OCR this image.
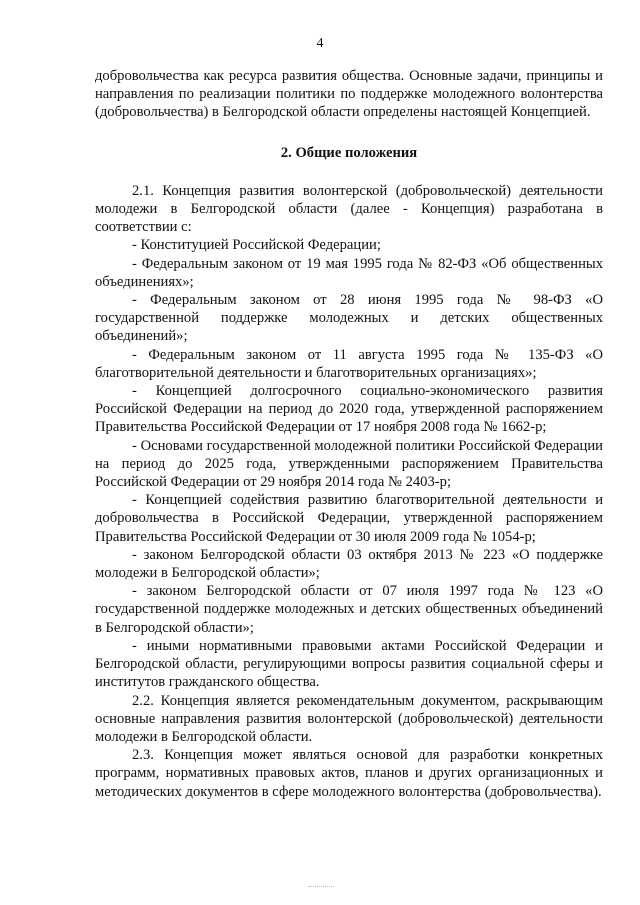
4

добровольчества как ресурса развития общества. Основные задачи, принципы и направления по реализации политики по поддержке молодежного волонтерства (добровольчества) в Белгородской области определены настоящей Концепцией.

2. Общие положения

2.1. Концепция развития волонтерской (добровольческой) деятельности молодежи в Белгородской области (далее - Концепция) разработана в соответствии с:

- Конституцией Российской Федерации;

- Федеральным законом от 19 мая 1995 года № 82-ФЗ «Об общественных объединениях»;

- Федеральным законом от 28 июня 1995 года № 98-ФЗ «О государственной поддержке молодежных и детских общественных объединений»;

- Федеральным законом от 11 августа 1995 года № 135-ФЗ «О благотворительной деятельности и благотворительных организациях»;

- Концепцией долгосрочного социально-экономического развития Российской Федерации на период до 2020 года, утвержденной распоряжением Правительства Российской Федерации от 17 ноября 2008 года № 1662-р;

- Основами государственной молодежной политики Российской Федерации на период до 2025 года, утвержденными распоряжением Правительства Российской Федерации от 29 ноября 2014 года № 2403-р;

- Концепцией содействия развитию благотворительной деятельности и добровольчества в Российской Федерации, утвержденной распоряжением Правительства Российской Федерации от 30 июля 2009 года № 1054-р;

- законом Белгородской области 03 октября 2013 № 223 «О поддержке молодежи в Белгородской области»;

- законом Белгородской области от 07 июля 1997 года № 123 «О государственной поддержке молодежных и детских общественных объединений в Белгородской области»;

- иными нормативными правовыми актами Российской Федерации и Белгородской области, регулирующими вопросы развития социальной сферы и институтов гражданского общества.

2.2. Концепция является рекомендательным документом, раскрывающим основные направления развития волонтерской (добровольческой) деятельности молодежи в Белгородской области.

2.3. Концепция может являться основой для разработки конкретных программ, нормативных правовых актов, планов и других организационных и методических документов в сфере молодежного волонтерства (добровольчества).
